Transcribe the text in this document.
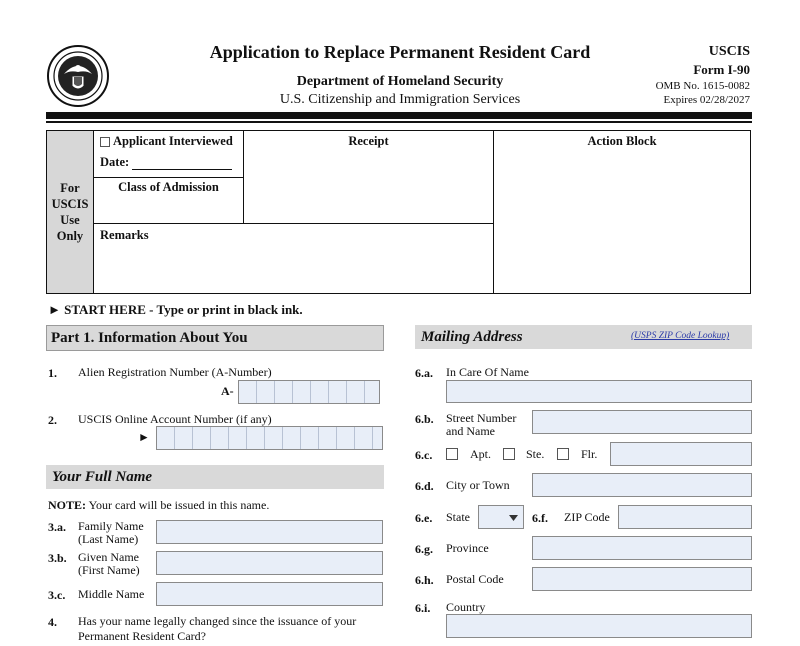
Application to Replace Permanent Resident Card
Department of Homeland Security
U.S. Citizenship and Immigration Services
USCIS
Form I-90
OMB No. 1615-0082
Expires 02/28/2027
For
USCIS
Use
Only
Applicant Interviewed
Date:
Class of Admission
Receipt	Action Block
Remarks
► START HERE - Type or print in black ink.
Part 1. Information About You
1. Alien Registration Number (A-Number)
A-
2. USCIS Online Account Number (if any)
►
Your Full Name
NOTE: Your card will be issued in this name.
3.a. Family Name
(Last Name)
3.b. Given Name
(First Name)
3.c. Middle Name
4. Has your name legally changed since the issuance of your
Permanent Resident Card?
Mailing Address	(USPS ZIP Code Lookup)
6.a. In Care Of Name
6.b. Street Number
and Name
6.c.	Apt.	Ste.	Flr.
6.d. City or Town
6.e. State	6.f. ZIP Code
6.g. Province
6.h. Postal Code
6.i. Country
